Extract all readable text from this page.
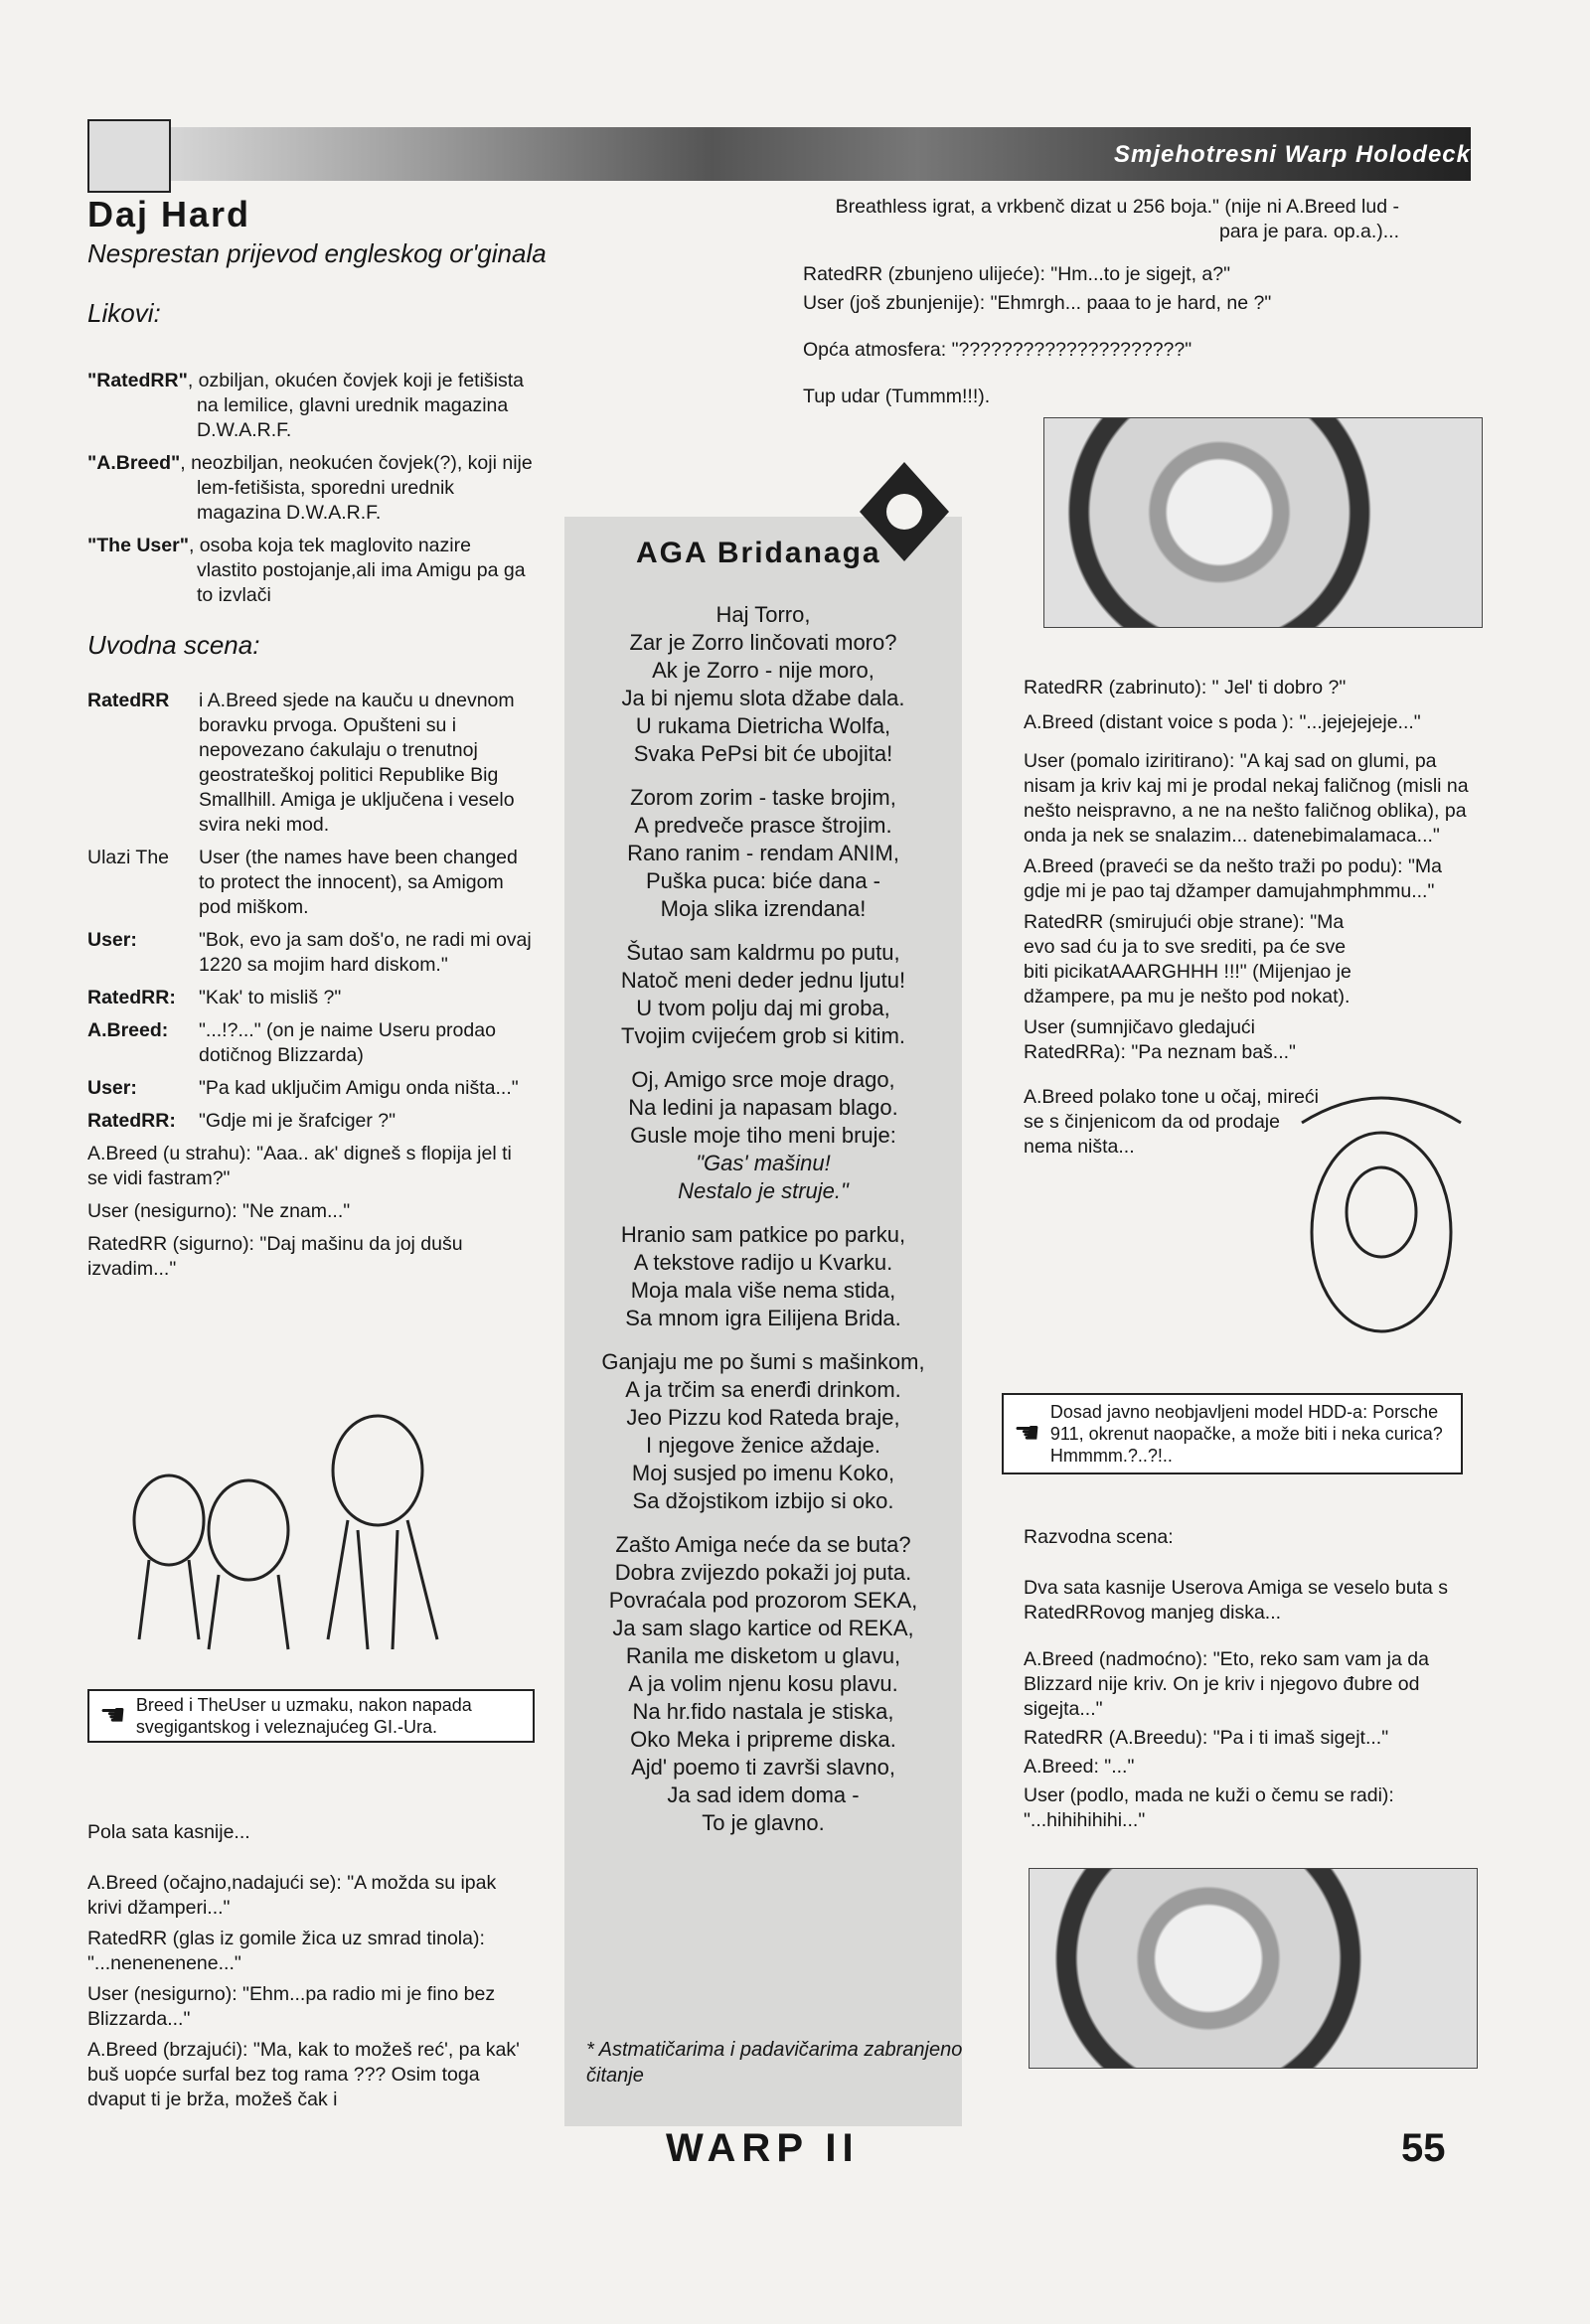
Smjehotresni Warp Holodeck
Daj Hard
Nesprestan prijevod engleskog or'ginala
Likovi:

"RatedRR", ozbiljan, okućen čovjek koji je fetišista na lemilice, glavni urednik magazina D.W.A.R.F.

"A.Breed", neozbiljan, neokućen čovjek(?), koji nije lem-fetišista, sporedni urednik magazina D.W.A.R.F.

"The User", osoba koja tek maglovito nazire vlastito postojanje,ali ima Amigu pa ga to izvlači

Uvodna scena:

RatedRR	i A.Breed sjede na kauču u dnevnom boravku prvoga. Opušteni su i nepovezano ćakulaju o trenutnoj geostrateškoj politici Republike Big Smallhill. Amiga je uključena i veselo svira neki mod.

Ulazi The	User (the names have been changed to protect the innocent), sa Amigom pod miškom.

User:	"Bok, evo ja sam doš'o, ne radi mi ovaj 1220 sa mojim hard diskom."

RatedRR:	"Kak' to misliš ?"

A.Breed:	"...!?..." (on je naime Useru prodao dotičnog Blizzarda)

User:	"Pa kad uključim Amigu onda ništa..."

RatedRR:	"Gdje mi je šrafciger ?"

A.Breed (u strahu): "Aaa.. ak' digneš s flopija jel ti se vidi fastram?"

User (nesigurno): "Ne znam..."

RatedRR (sigurno): "Daj mašinu da joj dušu izvadim..."

☚ Breed i TheUser u uzmaku, nakon napada svegigantskog i veleznajućeg GI.-Ura.

Pola sata kasnije...

A.Breed (očajno,nadajući se): "A možda su ipak krivi džamperi..."

RatedRR (glas iz gomile žica uz smrad tinola): "...nenenenene..."

User (nesigurno): "Ehm...pa radio mi je fino bez Blizzarda..."

A.Breed (brzajući): "Ma, kak to možeš reć', pa kak' buš uopće surfal bez tog rama ??? Osim toga dvaput ti je brža, možeš čak i

AGA Bridanaga
Haj Torro,
Zar je Zorro linčovati moro?
Ak je Zorro - nije moro,
Ja bi njemu slota džabe dala.
U rukama Dietricha Wolfa,
Svaka PePsi bit će ubojita!
Zorom zorim - taske brojim,
A predveče prasce štrojim.
Rano ranim - rendam ANIM,
Puška puca: biće dana -
Moja slika izrendana!
Šutao sam kaldrmu po putu,
Natoč meni deder jednu ljutu!
U tvom polju daj mi groba,
Tvojim cvijećem grob si kitim.
Oj, Amigo srce moje drago,
Na ledini ja napasam blago.
Gusle moje tiho meni bruje:
"Gas' mašinu!
Nestalo je struje."
Hranio sam patkice po parku,
A tekstove radijo u Kvarku.
Moja mala više nema stida,
Sa mnom igra Eilijena Brida.
Ganjaju me po šumi s mašinkom,
A ja trčim sa enerđi drinkom.
Jeo Pizzu kod Rateda braje,
I njegove ženice aždaje.
Moj susjed po imenu Koko,
Sa džojstikom izbijo si oko.
Zašto Amiga neće da se buta?
Dobra zvijezdo pokaži joj puta.
Povraćala pod prozorom SEKA,
Ja sam slago kartice od REKA,
Ranila me disketom u glavu,
A ja volim njenu kosu plavu.
Na hr.fido nastala je stiska,
Oko Meka i pripreme diska.
Ajd' poemo ti završi slavno,
Ja sad idem doma -
To je glavno.
* Astmatičarima i padavičarima zabranjeno čitanje

Breathless igrat, a vrkbenč dizat u 256 boja." (nije ni A.Breed lud - para je para. op.a.)...

RatedRR (zbunjeno ulijeće): "Hm...to je sigejt, a?"

User (još zbunjenije): "Ehmrgh... paaa to je hard, ne ?"

Opća atmosfera: "?????????????????????"

Tup udar (Tummm!!!).

RatedRR (zabrinuto): " Jel' ti dobro ?"

A.Breed (distant voice s poda ): "...jejejejeje..."

User (pomalo iziritirano): "A kaj sad on glumi, pa nisam ja kriv kaj mi je prodal nekaj faličnog (misli na nešto neispravno, a ne na nešto faličnog oblika), pa onda ja nek se snalazim... datenebimalamaca..."

A.Breed (praveći se da nešto traži po podu): "Ma gdje mi je pao taj džamper damujahmphmmu..."

RatedRR (smirujući obje strane): "Ma evo sad ću ja to sve srediti, pa će sve biti picikatAAARGHHH !!!" (Mijenjao je džampere, pa mu je nešto pod nokat).

User (sumnjičavo gledajući RatedRRa): "Pa neznam baš..."

A.Breed polako tone u očaj, mireći se s činjenicom da od prodaje nema ništa...

☚
Dosad javno neobjavljeni model HDD-a: Porsche 911, okrenut naopačke, a može biti i neka curica? Hmmmm.?..?!..

Razvodna scena:

Dva sata kasnije Userova Amiga se veselo buta s RatedRRovog manjeg diska...

A.Breed (nadmoćno): "Eto, reko sam vam ja da Blizzard nije kriv. On je kriv i njegovo đubre od sigejta..."

RatedRR (A.Breedu): "Pa i ti imaš sigejt..."

A.Breed: "..."

User (podlo, mada ne kuži o čemu se radi): "...hihihihihi..."

WARP II	55
